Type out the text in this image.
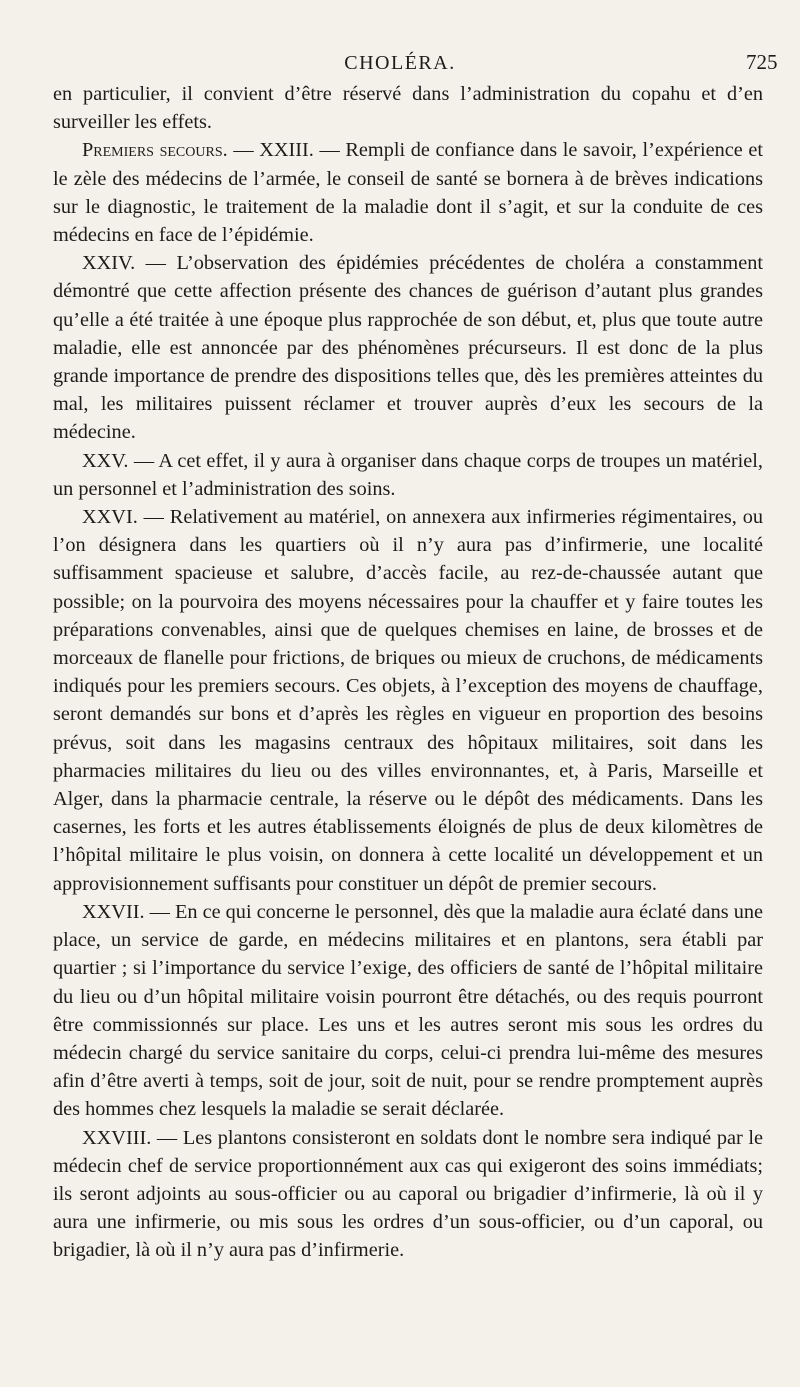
CHOLÉRA.	725

en particulier, il convient d’être réservé dans l’administration du copahu et d’en surveiller les effets.

Premiers secours. — XXIII. — Rempli de confiance dans le savoir, l’expérience et le zèle des médecins de l’armée, le conseil de santé se bornera à de brèves indications sur le diagnostic, le traitement de la maladie dont il s’agit, et sur la conduite de ces médecins en face de l’épidémie.

XXIV. — L’observation des épidémies précédentes de choléra a constamment démontré que cette affection présente des chances de guérison d’autant plus grandes qu’elle a été traitée à une époque plus rapprochée de son début, et, plus que toute autre maladie, elle est annoncée par des phénomènes précurseurs. Il est donc de la plus grande importance de prendre des dispositions telles que, dès les premières atteintes du mal, les militaires puissent réclamer et trouver auprès d’eux les secours de la médecine.

XXV. — A cet effet, il y aura à organiser dans chaque corps de troupes un matériel, un personnel et l’administration des soins.

XXVI. — Relativement au matériel, on annexera aux infirmeries régimentaires, ou l’on désignera dans les quartiers où il n’y aura pas d’infirmerie, une localité suffisamment spacieuse et salubre, d’accès facile, au rez-de-chaussée autant que possible; on la pourvoira des moyens nécessaires pour la chauffer et y faire toutes les préparations convenables, ainsi que de quelques chemises en laine, de brosses et de morceaux de flanelle pour frictions, de briques ou mieux de cruchons, de médicaments indiqués pour les premiers secours. Ces objets, à l’exception des moyens de chauffage, seront demandés sur bons et d’après les règles en vigueur en proportion des besoins prévus, soit dans les magasins centraux des hôpitaux militaires, soit dans les pharmacies militaires du lieu ou des villes environnantes, et, à Paris, Marseille et Alger, dans la pharmacie centrale, la réserve ou le dépôt des médicaments. Dans les casernes, les forts et les autres établissements éloignés de plus de deux kilomètres de l’hôpital militaire le plus voisin, on donnera à cette localité un développement et un approvisionnement suffisants pour constituer un dépôt de premier secours.

XXVII. — En ce qui concerne le personnel, dès que la maladie aura éclaté dans une place, un service de garde, en médecins militaires et en plantons, sera établi par quartier ; si l’importance du service l’exige, des officiers de santé de l’hôpital militaire du lieu ou d’un hôpital militaire voisin pourront être détachés, ou des requis pourront être commissionnés sur place. Les uns et les autres seront mis sous les ordres du médecin chargé du service sanitaire du corps, celui-ci prendra lui-même des mesures afin d’être averti à temps, soit de jour, soit de nuit, pour se rendre promptement auprès des hommes chez lesquels la maladie se serait déclarée.

XXVIII. — Les plantons consisteront en soldats dont le nombre sera indiqué par le médecin chef de service proportionnément aux cas qui exigeront des soins immédiats; ils seront adjoints au sous-officier ou au caporal ou brigadier d’infirmerie, là où il y aura une infirmerie, ou mis sous les ordres d’un sous-officier, ou d’un caporal, ou brigadier, là où il n’y aura pas d’infirmerie.
